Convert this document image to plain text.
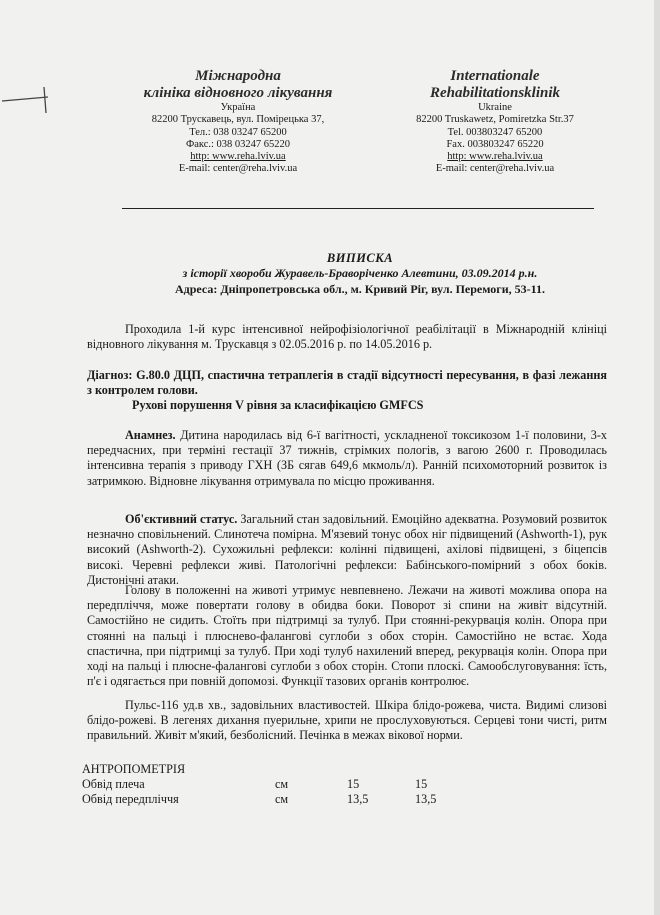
Міжнародна
клініка відновного лікування
Україна
82200 Трускавець, вул. Помірецька 37,
Тел.: 038 03247 65200
Факс.: 038 03247 65220
http: www.reha.lviv.ua
E-mail: center@reha.lviv.ua
Internationale
Rehabilitationsklinik
Ukraine
82200 Truskawetz, Pomiretzka Str.37
Tel. 003803247 65200
Fax. 003803247 65220
http: www.reha.lviv.ua
E-mail: center@reha.lviv.ua
ВИПИСКА
з історії хвороби Журавель-Браворіченко Алевтини, 03.09.2014 р.н.
Адреса: Дніпропетровська обл., м. Кривий Ріг, вул. Перемоги, 53-11.
Проходила 1-й курс інтенсивної нейрофізіологічної реабілітації в Міжнародній клініці відновного лікування м. Трускавця з 02.05.2016 р. по 14.05.2016 р.
Діагноз: G.80.0 ДЦП, спастична тетраплегія в стадії відсутності пересування, в фазі лежання з контролем голови.
Рухові порушення V рівня за класифікацією GMFCS
Анамнез. Дитина народилась від 6-ї вагітності, ускладненої токсикозом 1-ї половини, 3-х передчасних, при терміні гестації 37 тижнів, стрімких пологів, з вагою 2600 г. Проводилась інтенсивна терапія з приводу ГХН (ЗБ сягав 649,6 мкмоль/л). Ранній психомоторний розвиток із затримкою. Відновне лікування отримувала по місцю проживання.
Об'єктивний статус. Загальний стан задовільний. Емоційно адекватна. Розумовий розвиток незначно сповільнений. Слинотеча помірна. М'язевий тонус обох ніг підвищений (Ashworth-1), рук високий (Ashworth-2). Сухожильні рефлекси: колінні підвищені, ахілові підвищені, з біцепсів високі. Черевні рефлекси живі. Патологічні рефлекси: Бабінського-помірний з обох боків. Дистонічні атаки.
Голову в положенні на животі утримує невпевнено. Лежачи на животі можлива опора на передпліччя, може повертати голову в обидва боки. Поворот зі спини на живіт відсутній. Самостійно не сидить. Стоїть при підтримці за тулуб. При стоянні-рекурвація колін. Опора при стоянні на пальці і плюснево-фалангові суглоби з обох сторін. Самостійно не встає. Хода спастична, при підтримці за тулуб. При ході тулуб нахилений вперед, рекурвація колін. Опора при ході на пальці і плюсне-фалангові суглоби з обох сторін. Стопи плоскі. Самообслуговування: їсть, п'є і одягається при повній допомозі. Функції тазових органів контролює.
Пульс-116 уд.в хв., задовільних властивостей. Шкіра блідо-рожева, чиста. Видимі слизові блідо-рожеві. В легенях дихання пуерильне, хрипи не прослуховуються. Серцеві тони чисті, ритм правильний. Живіт м'який, безболісний. Печінка в межах вікової норми.
АНТРОПОМЕТРІЯ
Обвід плеча	см	15	15
Обвід передпліччя	см	13,5	13,5
